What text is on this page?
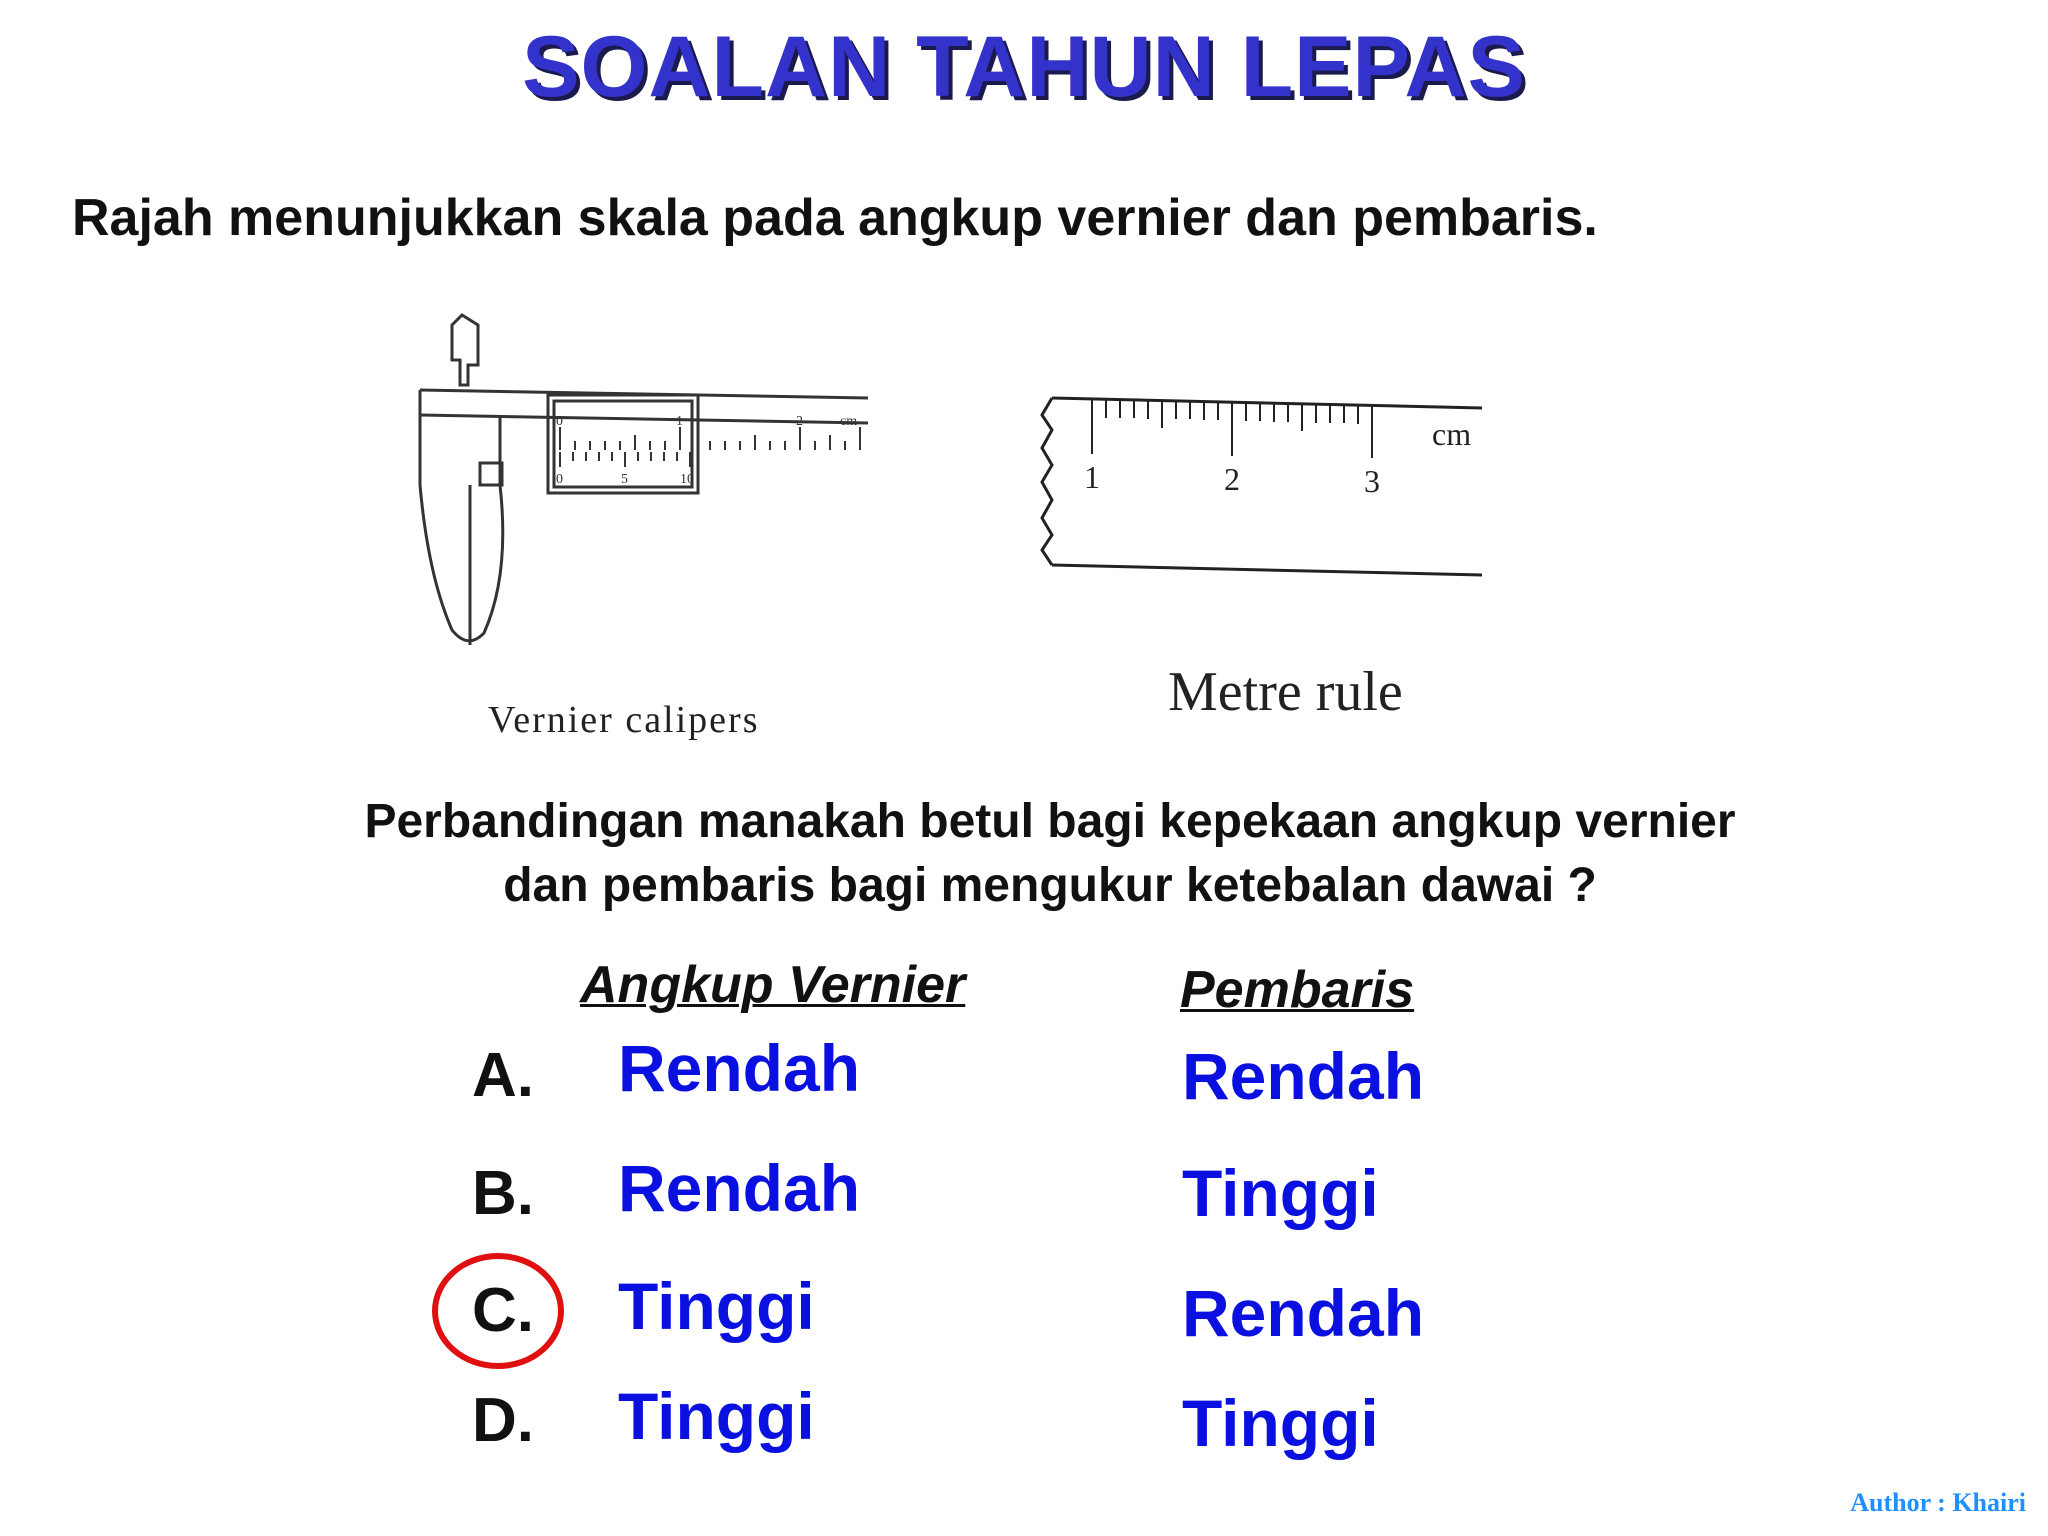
SOALAN TAHUN LEPAS
Rajah menunjukkan skala pada angkup vernier dan pembaris.
0	1	2	cm
0	5	10
Vernier calipers
1	2	3
cm
Metre rule
Perbandingan manakah betul bagi kepekaan angkup vernier
dan pembaris bagi mengukur ketebalan dawai ?
Angkup Vernier	Pembaris
A. Rendah	Rendah
B. Rendah	Tinggi
C. Tinggi	Rendah
D. Tinggi	Tinggi
Author : Khairi
